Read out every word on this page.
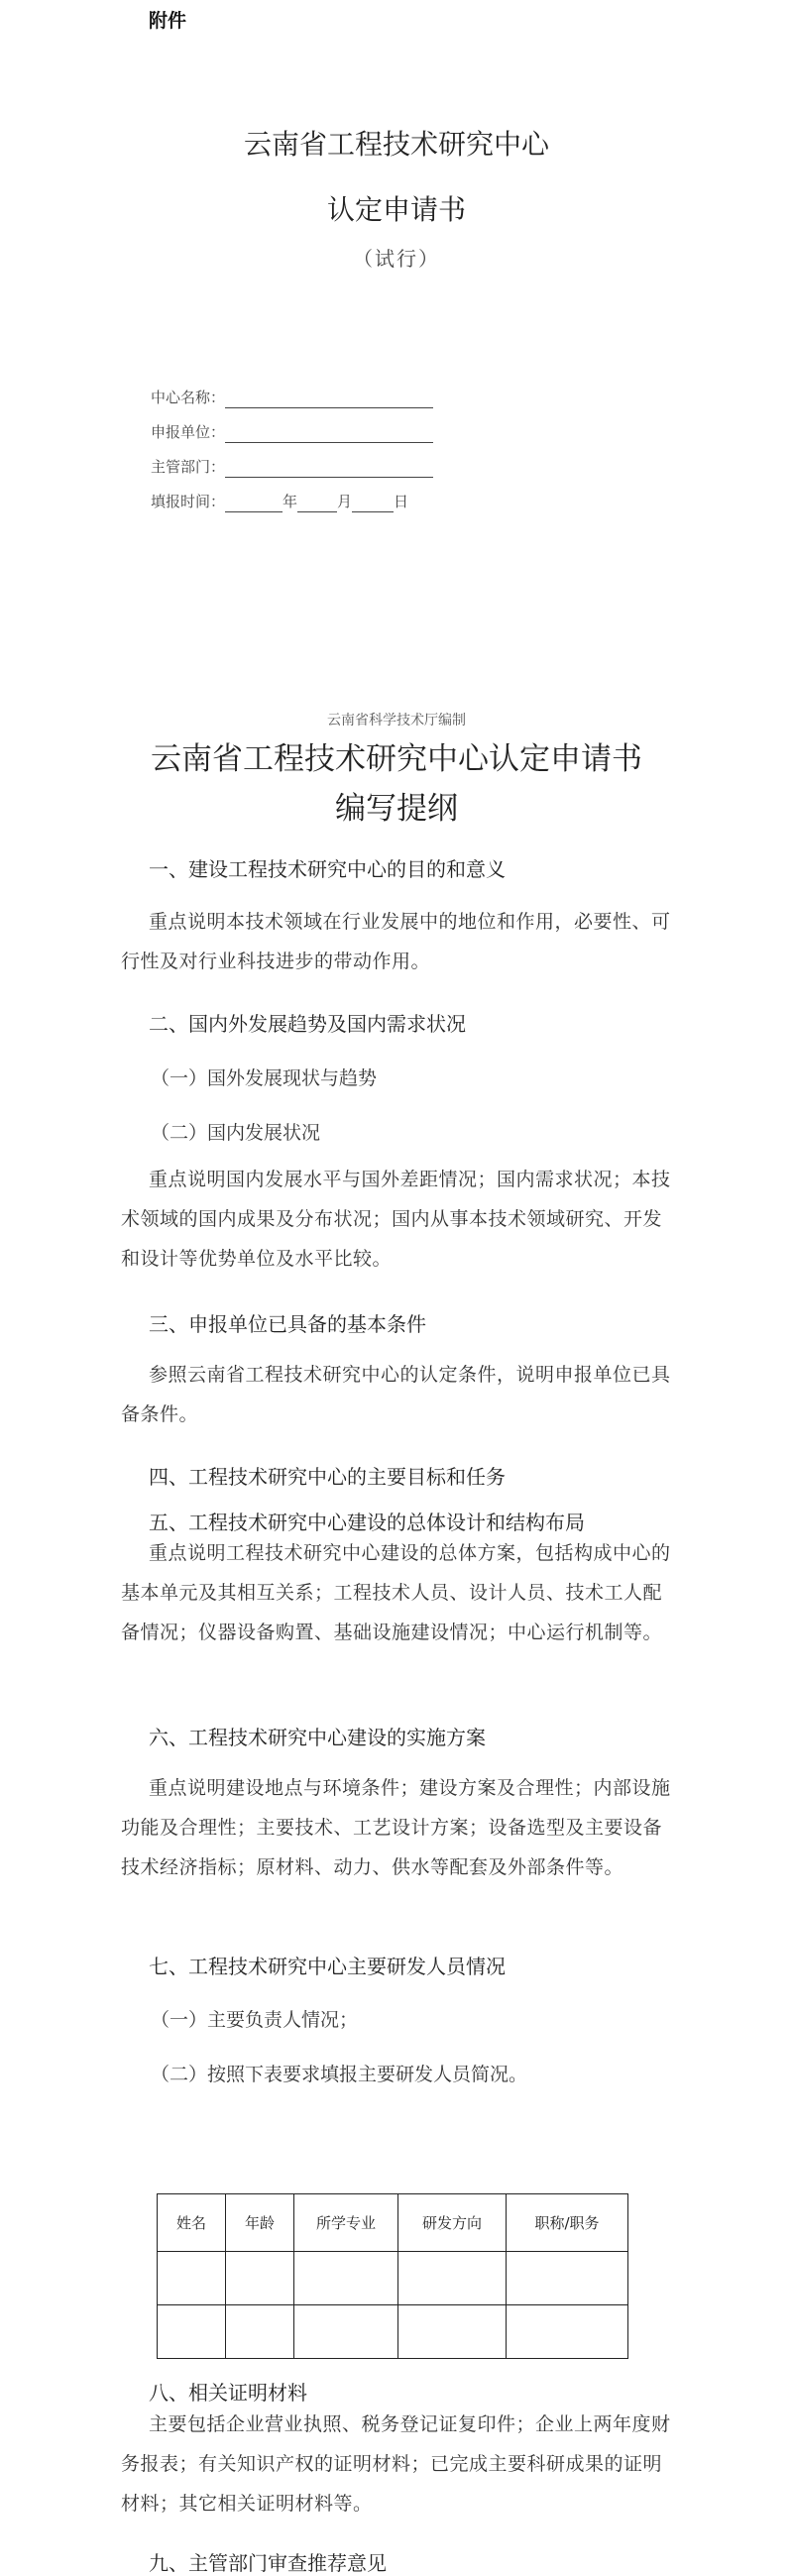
附件
云南省工程技术研究中心
认定申请书
（试行）
中心名称：
申报单位：
主管部门：
填报时间：	年	月	日
云南省科学技术厅编制
云南省工程技术研究中心认定申请书编写提纲
一、建设工程技术研究中心的目的和意义
重点说明本技术领域在行业发展中的地位和作用，必要性、可行性及对行业科技进步的带动作用。
二、国内外发展趋势及国内需求状况
（一）国外发展现状与趋势
（二）国内发展状况
重点说明国内发展水平与国外差距情况；国内需求状况；本技术领域的国内成果及分布状况；国内从事本技术领域研究、开发和设计等优势单位及水平比较。
三、申报单位已具备的基本条件
参照云南省工程技术研究中心的认定条件，说明申报单位已具备条件。
四、工程技术研究中心的主要目标和任务
五、工程技术研究中心建设的总体设计和结构布局
重点说明工程技术研究中心建设的总体方案，包括构成中心的基本单元及其相互关系；工程技术人员、设计人员、技术工人配备情况；仪器设备购置、基础设施建设情况；中心运行机制等。
六、工程技术研究中心建设的实施方案
重点说明建设地点与环境条件；建设方案及合理性；内部设施功能及合理性；主要技术、工艺设计方案；设备选型及主要设备技术经济指标；原材料、动力、供水等配套及外部条件等。
七、工程技术研究中心主要研发人员情况
（一）主要负责人情况；
（二）按照下表要求填报主要研发人员简况。
姓名	年龄	所学专业	研发方向	职称/职务

八、相关证明材料
主要包括企业营业执照、税务登记证复印件；企业上两年度财务报表；有关知识产权的证明材料；已完成主要科研成果的证明材料；其它相关证明材料等。
九、主管部门审查推荐意见
